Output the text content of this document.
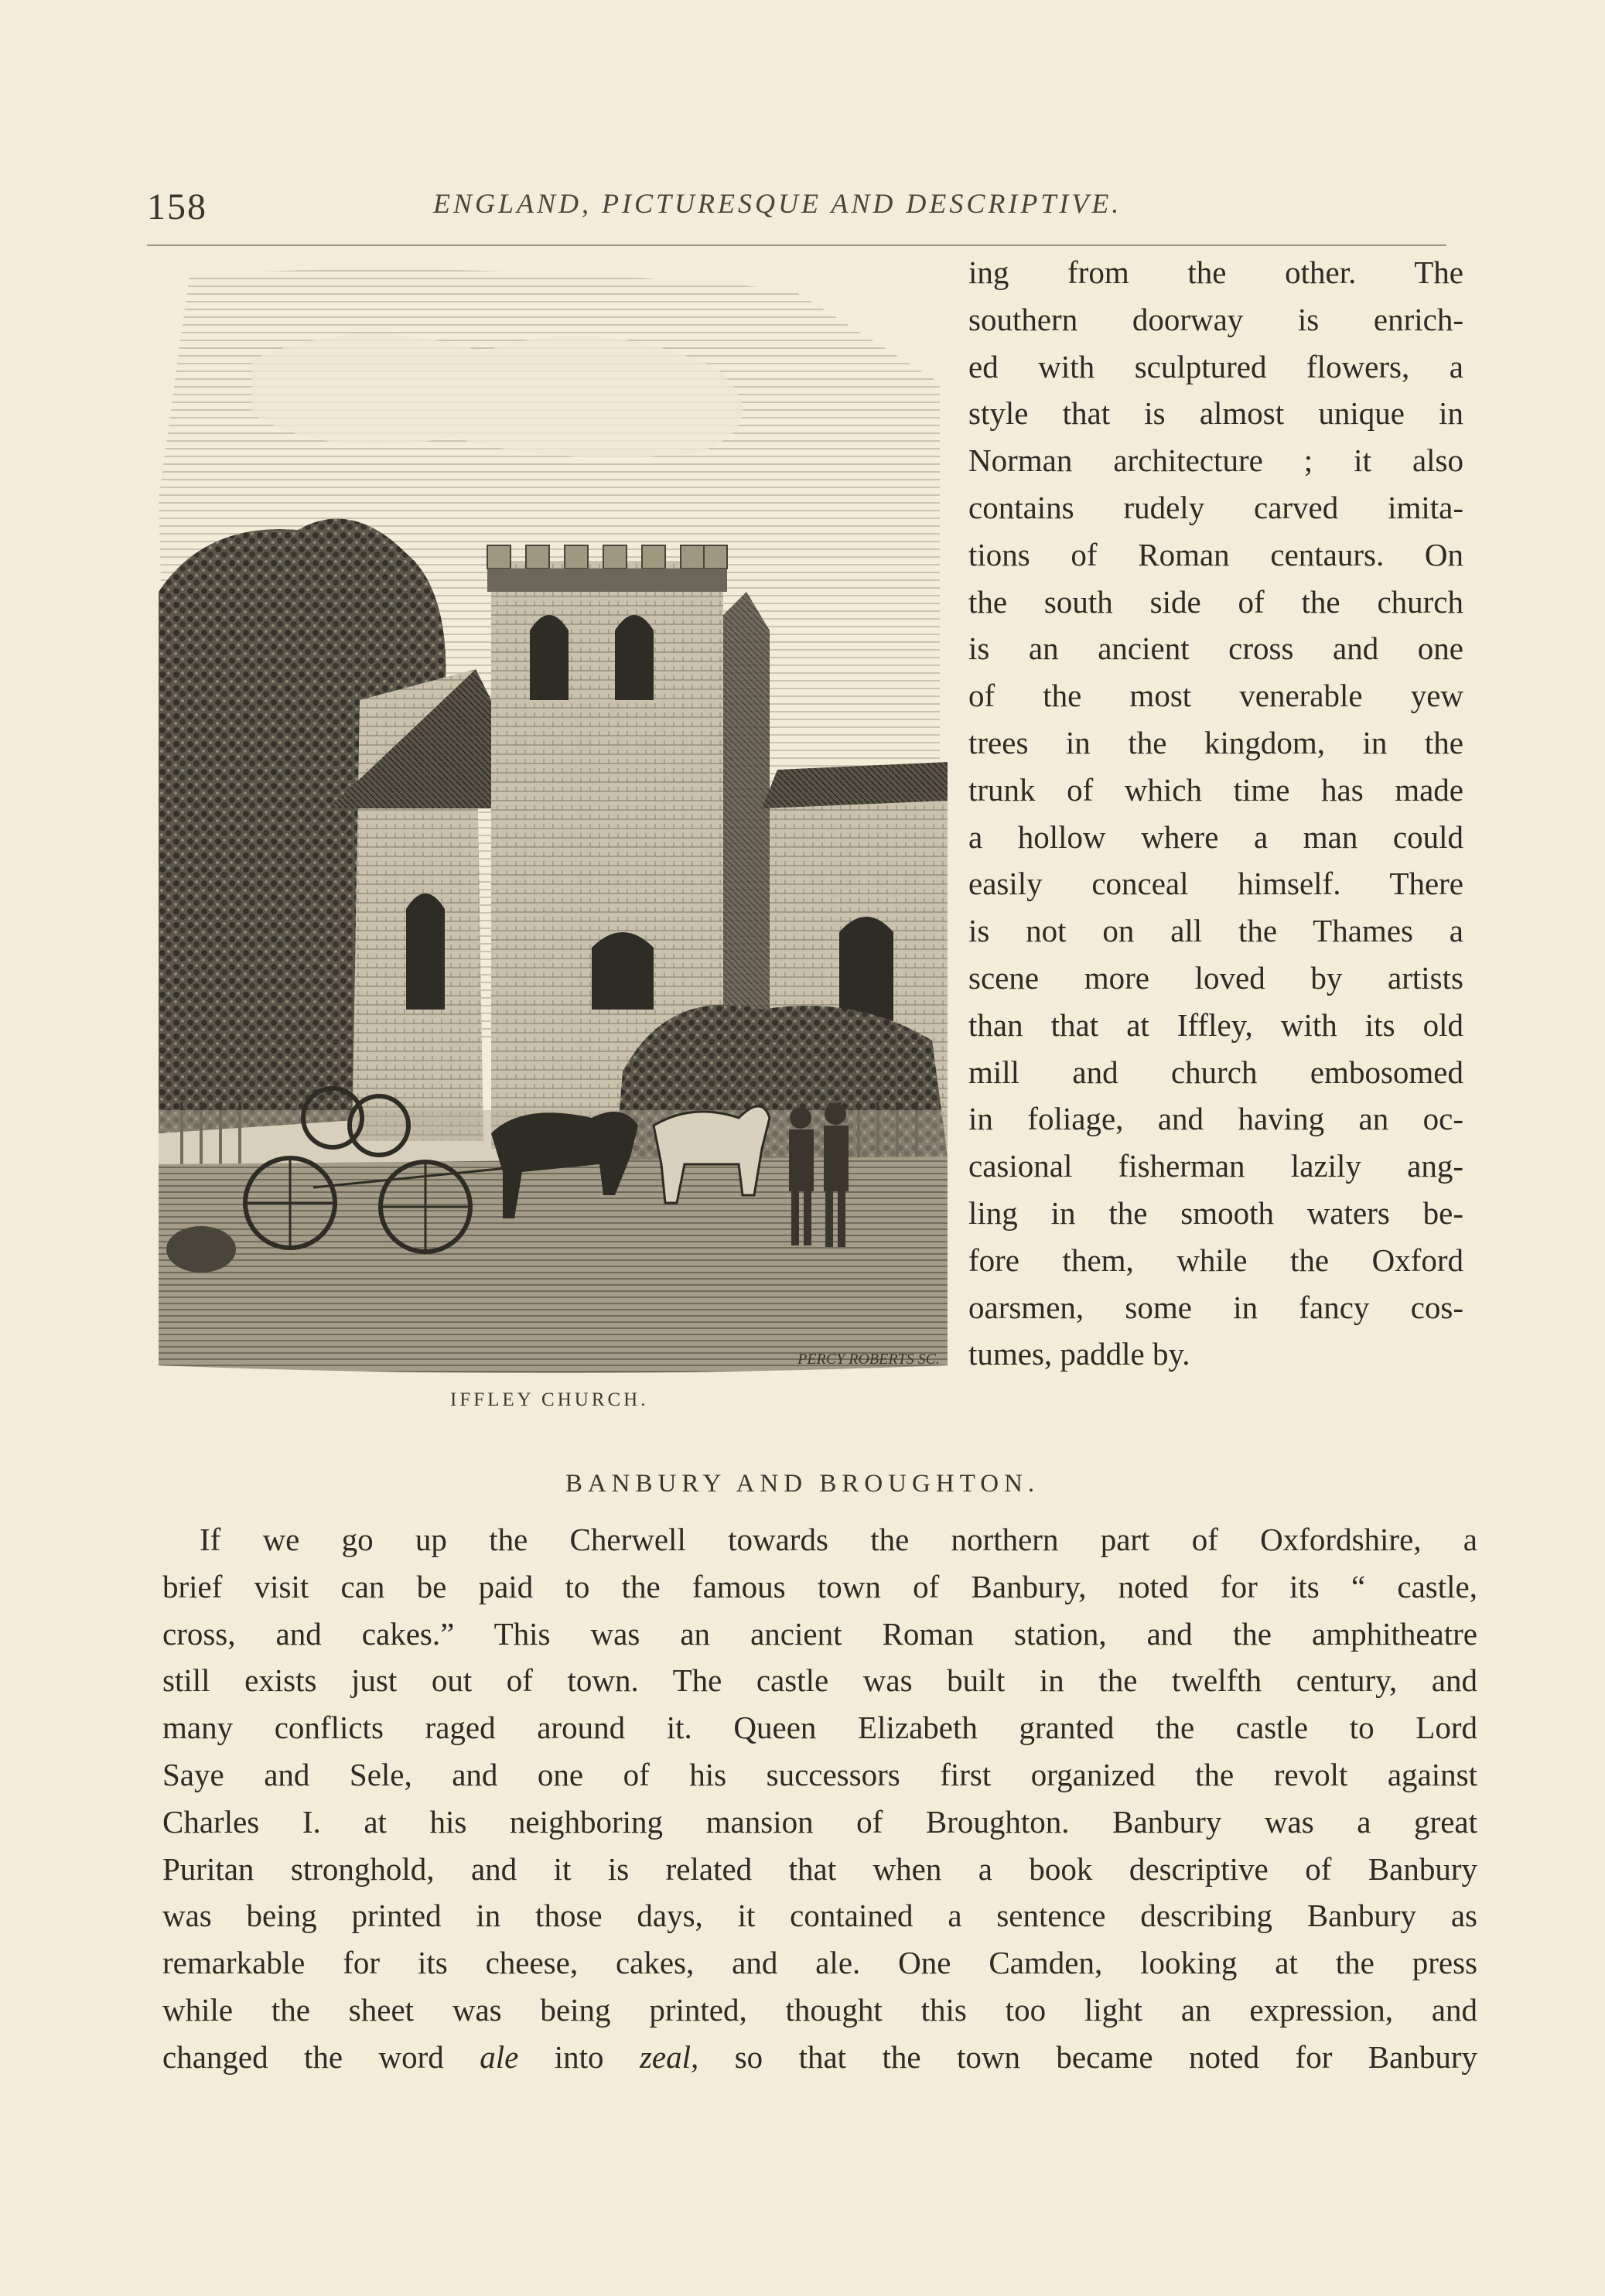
158	ENGLAND, PICTURESQUE AND DESCRIPTIVE.
PERCY ROBERTS SC.
IFFLEY CHURCH.
ing from the other. The
southern doorway is enrich-
ed with sculptured flowers, a
style that is almost unique in
Norman architecture ; it also
contains rudely carved imita-
tions of Roman centaurs. On
the south side of the church
is an ancient cross and one
of the most venerable yew
trees in the kingdom, in the
trunk of which time has made
a hollow where a man could
easily conceal himself. There
is not on all the Thames a
scene more loved by artists
than that at Iffley, with its old
mill and church embosomed
in foliage, and having an oc-
casional fisherman lazily ang-
ling in the smooth waters be-
fore them, while the Oxford
oarsmen, some in fancy cos-
tumes, paddle by.
BANBURY AND BROUGHTON.
If we go up the Cherwell towards the northern part of Oxfordshire, a
brief visit can be paid to the famous town of Banbury, noted for its “ castle,
cross, and cakes.” This was an ancient Roman station, and the amphitheatre
still exists just out of town. The castle was built in the twelfth century, and
many conflicts raged around it. Queen Elizabeth granted the castle to Lord
Saye and Sele, and one of his successors first organized the revolt against
Charles I. at his neighboring mansion of Broughton. Banbury was a great
Puritan stronghold, and it is related that when a book descriptive of Banbury
was being printed in those days, it contained a sentence describing Banbury as
remarkable for its cheese, cakes, and ale. One Camden, looking at the press
while the sheet was being printed, thought this too light an expression, and
changed the word ale into zeal, so that the town became noted for Banbury
